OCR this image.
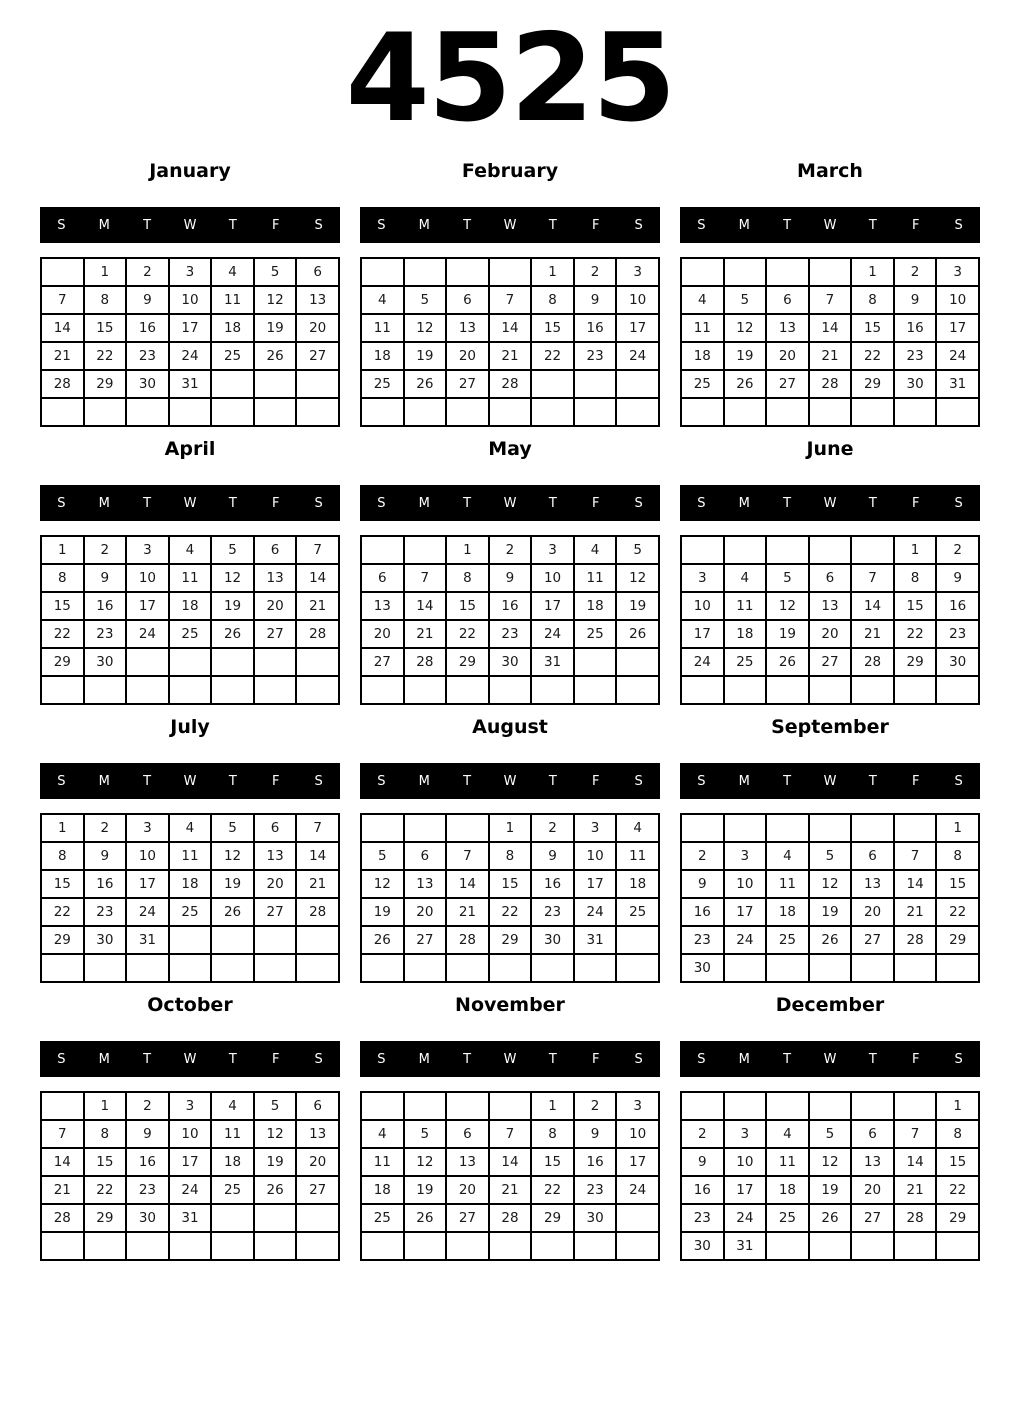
4525
January
S	M	T	W	T	F	S
	1	2	3	4	5	6
7	8	9	10	11	12	13
14	15	16	17	18	19	20
21	22	23	24	25	26	27
28	29	30	31			

February
S	M	T	W	T	F	S
				1	2	3
4	5	6	7	8	9	10
11	12	13	14	15	16	17
18	19	20	21	22	23	24
25	26	27	28			

March
S	M	T	W	T	F	S
				1	2	3
4	5	6	7	8	9	10
11	12	13	14	15	16	17
18	19	20	21	22	23	24
25	26	27	28	29	30	31

April
S	M	T	W	T	F	S
1	2	3	4	5	6	7
8	9	10	11	12	13	14
15	16	17	18	19	20	21
22	23	24	25	26	27	28
29	30					

May
S	M	T	W	T	F	S
		1	2	3	4	5
6	7	8	9	10	11	12
13	14	15	16	17	18	19
20	21	22	23	24	25	26
27	28	29	30	31		

June
S	M	T	W	T	F	S
					1	2
3	4	5	6	7	8	9
10	11	12	13	14	15	16
17	18	19	20	21	22	23
24	25	26	27	28	29	30

July
S	M	T	W	T	F	S
1	2	3	4	5	6	7
8	9	10	11	12	13	14
15	16	17	18	19	20	21
22	23	24	25	26	27	28
29	30	31				

August
S	M	T	W	T	F	S
			1	2	3	4
5	6	7	8	9	10	11
12	13	14	15	16	17	18
19	20	21	22	23	24	25
26	27	28	29	30	31	

September
S	M	T	W	T	F	S
						1
2	3	4	5	6	7	8
9	10	11	12	13	14	15
16	17	18	19	20	21	22
23	24	25	26	27	28	29
30						
October
S	M	T	W	T	F	S
	1	2	3	4	5	6
7	8	9	10	11	12	13
14	15	16	17	18	19	20
21	22	23	24	25	26	27
28	29	30	31			

November
S	M	T	W	T	F	S
				1	2	3
4	5	6	7	8	9	10
11	12	13	14	15	16	17
18	19	20	21	22	23	24
25	26	27	28	29	30	

December
S	M	T	W	T	F	S
						1
2	3	4	5	6	7	8
9	10	11	12	13	14	15
16	17	18	19	20	21	22
23	24	25	26	27	28	29
30	31					
